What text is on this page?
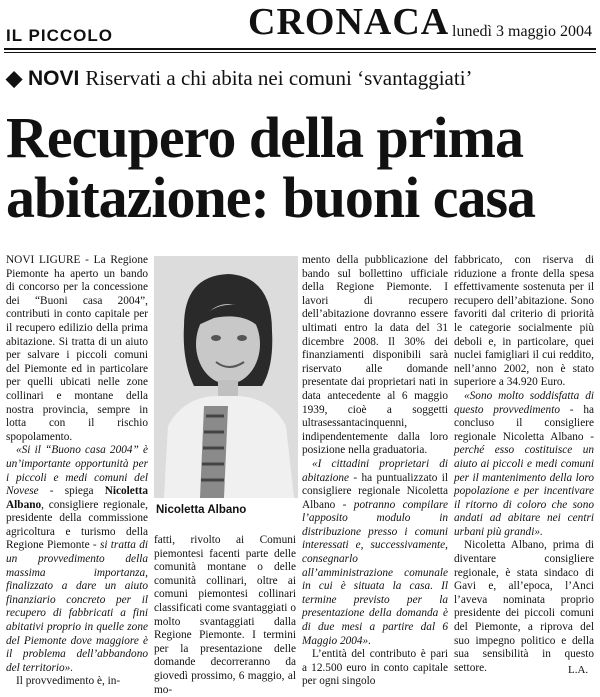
IL PICCOLO	CRONACA lunedì 3 maggio 2004
◆ NOVI Riservati a chi abita nei comuni ‘svantaggiati’
Recupero della prima
abitazione: buoni casa

NOVI LIGURE - La Regione Piemonte ha aperto un bando di concorso per la concessione dei “Buoni casa 2004”, contributi in conto capitale per il recupero edilizio della prima abitazione. Si tratta di un aiuto per salvare i piccoli comuni del Piemonte ed in particolare per quelli ubicati nelle zone collinari e montane della nostra provincia, sempre in lotta con il rischio spopolamento.

«Si il “Buono casa 2004” è un’importante opportunità per i piccoli e medi comuni del Novese - spiega Nicoletta Albano, consigliere regionale, presidente della commissione agricoltura e turismo della Regione Piemonte - si tratta di un provvedimento della massima importanza, finalizzato a dare un aiuto finanziario concreto per il recupero di fabbricati a fini abitativi proprio in quelle zone del Piemonte dove maggiore è il problema dell’abbandono del territorio».

Il provvedimento è, in-

Nicoletta Albano

fatti, rivolto ai Comuni piemontesi facenti parte delle comunità montane o delle comunità collinari, oltre ai comuni piemontesi collinari classificati come svantaggiati o molto svantaggiati dalla Regione Piemonte. I termini per la presentazione delle domande decorreranno da giovedì prossimo, 6 maggio, al mo-

mento della pubblicazione del bando sul bollettino ufficiale della Regione Piemonte. I lavori di recupero dell’abitazione dovranno essere ultimati entro la data del 31 dicembre 2008. Il 30% dei finanziamenti disponibili sarà riservato alle domande presentate dai proprietari nati in data antecedente al 6 maggio 1939, cioè a soggetti ultrasessantacinquenni, indipendentemente dalla loro posizione nella graduatoria.

«I cittadini proprietari di abitazione - ha puntualizzato il consigliere regionale Nicoletta Albano - potranno compilare l’apposito modulo in distribuzione presso i comuni interessati e, successivamente, consegnarlo all’amministrazione comunale in cui è situata la casa. Il termine previsto per la presentazione della domanda è di due mesi a partire dal 6 Maggio 2004».

L’entità del contributo è pari a 12.500 euro in conto capitale per ogni singolo

fabbricato, con riserva di riduzione a fronte della spesa effettivamente sostenuta per il recupero dell’abitazione. Sono favoriti dal criterio di priorità le categorie socialmente più deboli e, in particolare, quei nuclei famigliari il cui reddito, nell’anno 2002, non è stato superiore a 34.920 Euro.

«Sono molto soddisfatta di questo provvedimento - ha concluso il consigliere regionale Nicoletta Albano - perché esso costituisce un aiuto ai piccoli e medi comuni per il mantenimento della loro popolazione e per incentivare il ritorno di coloro che sono andati ad abitare nei centri urbani più grandi».

Nicoletta Albano, prima di diventare consigliere regionale, è stata sindaco di Gavi e, all’epoca, l’Anci l’aveva nominata proprio presidente dei piccoli comuni del Piemonte, a riprova del suo impegno politico e della sua sensibilità in questo settore.	L.A.
